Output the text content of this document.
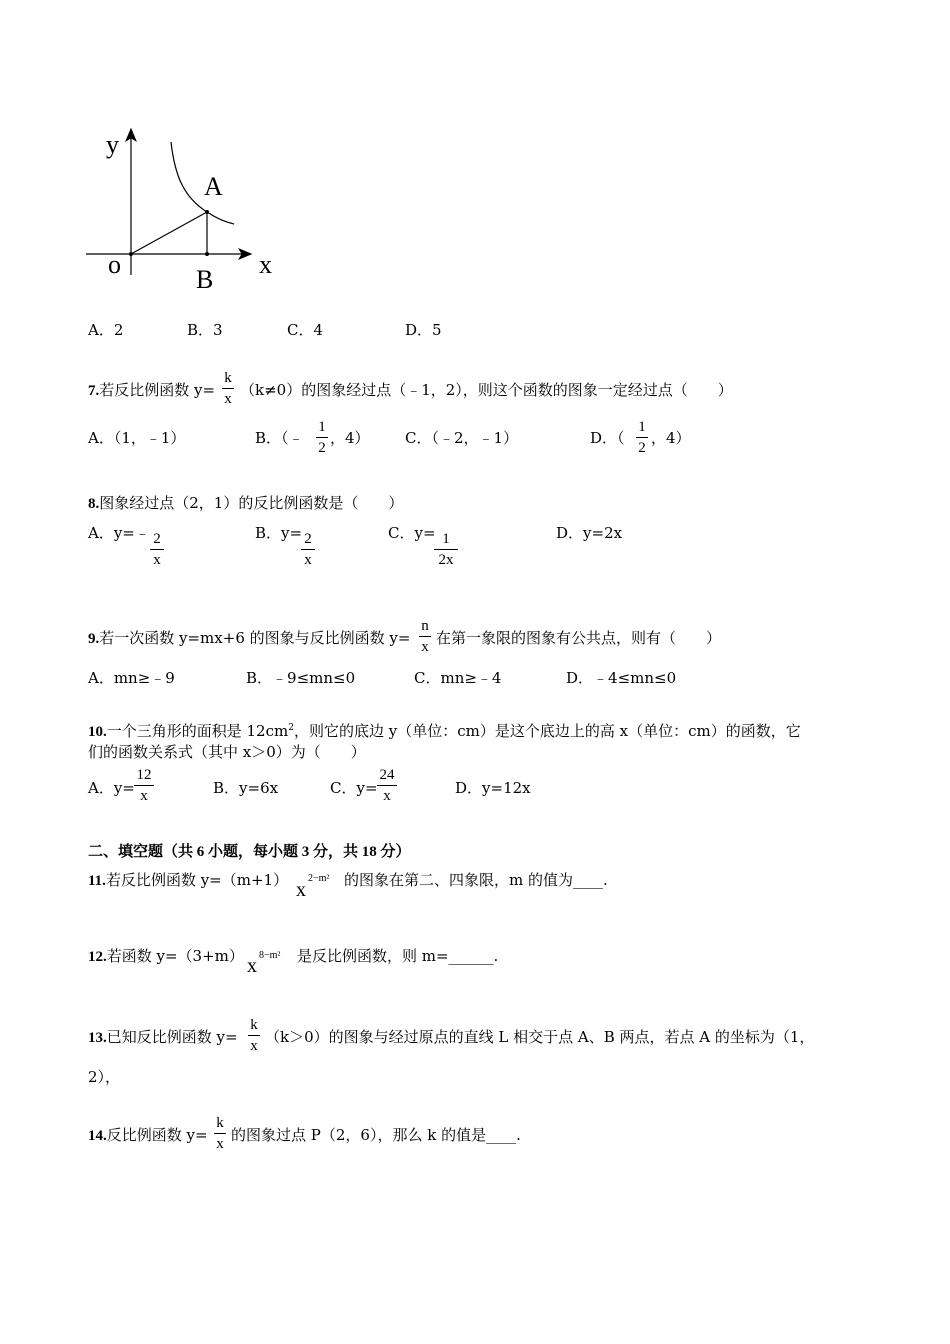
y
A
o
B
x
A．2	B．3	C．4	D．5
7.若反比例函数 y=
k
x （k≠0）的图象经过点（﹣1，2），则这个函数的图象一定经过点（　　）
A．（1，﹣1）	B．（﹣
1
2
，4） C．（﹣2，﹣1）	D．（
1
2
，4）
8.图象经过点（2，1）的反比例函数是（　　）
A．y=﹣ 2
x
B．y= 2
x
C．y= 1
2x
D．y=2x
9.若一次函数 y=mx+6 的图象与反比例函数 y=
n
x 在第一象限的图象有公共点，则有（　　）
A．mn≥﹣9	B．﹣9≤mn≤0	C．mn≥﹣4	D．﹣4≤mn≤0
10.一个三角形的面积是 $12cm^2$，则它的底边 y（单位：cm）是这个底边上的高 x（单位：cm）的函数，它
们的函数关系式（其中 x＞0）为（　　）
A．y=
12
x	B．y=6x	C．y=
24
x	D．y=12x
二、填空题（共 6 小题，每小题 3 分，共 18 分）
11.若反比例函数 y=（m+1） x
2−m² 的图象在第二、四象限，m 的值为____.
12.若函数 y=（3+m） x 8−m² 是反比例函数，则 m=______.
13.已知反比例函数 y=
k
x （k＞0）的图象与经过原点的直线 L 相交于点 A、B 两点，若点 A 的坐标为（1，
2），
14.反比例函数 y=
k
x 的图象过点 P（2，6），那么 k 的值是____.
